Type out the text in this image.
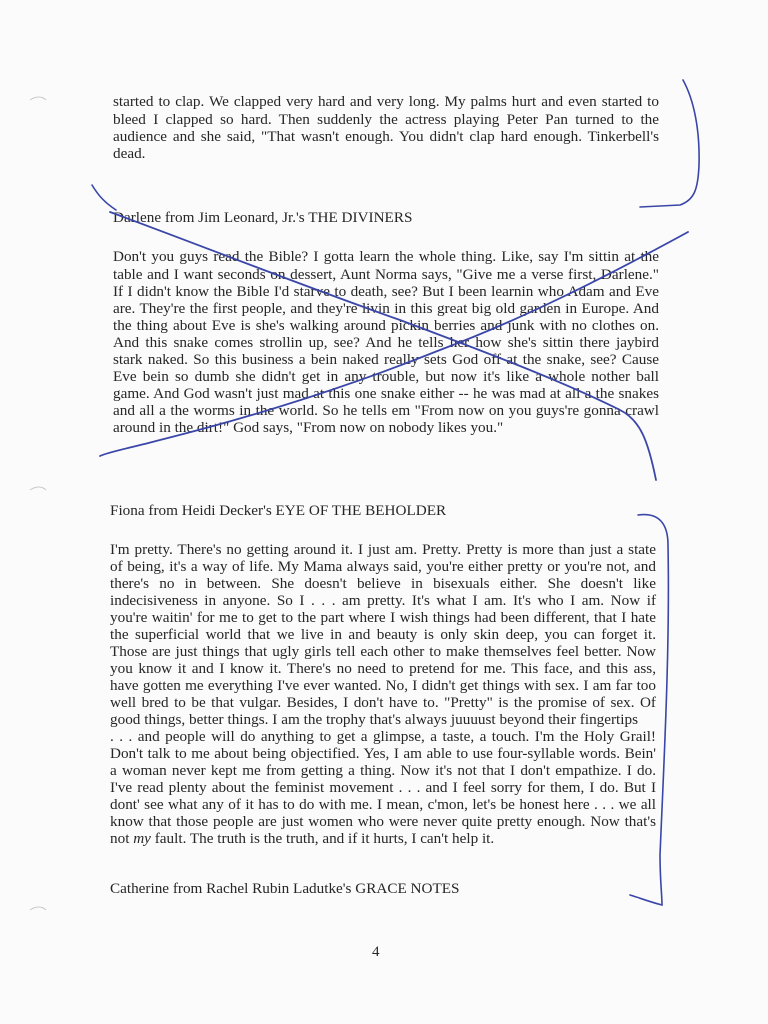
started to clap. We clapped very hard and very long. My palms hurt and even started to
bleed I clapped so hard. Then suddenly the actress playing Peter Pan turned to the
audience and she said, "That wasn't enough. You didn't clap hard enough. Tinkerbell's
dead.
Darlene from Jim Leonard, Jr.'s THE DIVINERS
Don't you guys read the Bible? I gotta learn the whole thing. Like, say I'm sittin at the
table and I want seconds on dessert, Aunt Norma says, "Give me a verse first, Darlene."
If I didn't know the Bible I'd starve to death, see? But I been learnin who Adam and Eve
are. They're the first people, and they're livin in this great big old garden in Europe. And
the thing about Eve is she's walking around pickin berries and junk with no clothes on.
And this snake comes strollin up, see? And he tells her how she's sittin there jaybird
stark naked. So this business a bein naked really sets God off at the snake, see? Cause
Eve bein so dumb she didn't get in any trouble, but now it's like a whole nother ball
game. And God wasn't just mad at this one snake either -- he was mad at all a the snakes
and all a the worms in the world. So he tells em "From now on you guys're gonna crawl
around in the dirt!" God says, "From now on nobody likes you."
Fiona from Heidi Decker's EYE OF THE BEHOLDER
I'm pretty. There's no getting around it. I just am. Pretty. Pretty is more than just a state
of being, it's a way of life. My Mama always said, you're either pretty or you're not, and
there's no in between. She doesn't believe in bisexuals either. She doesn't like
indecisiveness in anyone. So I . . . am pretty. It's what I am. It's who I am. Now if
you're waitin' for me to get to the part where I wish things had been different, that I hate
the superficial world that we live in and beauty is only skin deep, you can forget it.
Those are just things that ugly girls tell each other to make themselves feel better. Now
you know it and I know it. There's no need to pretend for me. This face, and this ass,
have gotten me everything I've ever wanted. No, I didn't get things with sex. I am far too
well bred to be that vulgar. Besides, I don't have to. "Pretty" is the promise of sex. Of
good things, better things. I am the trophy that's always juuuust beyond their fingertips
. . . and people will do anything to get a glimpse, a taste, a touch. I'm the Holy Grail!
Don't talk to me about being objectified. Yes, I am able to use four-syllable words. Bein'
a woman never kept me from getting a thing. Now it's not that I don't empathize. I do.
I've read plenty about the feminist movement . . . and I feel sorry for them, I do. But I
dont' see what any of it has to do with me. I mean, c'mon, let's be honest here . . . we all
know that those people are just women who were never quite pretty enough. Now that's
not my fault. The truth is the truth, and if it hurts, I can't help it.
Catherine from Rachel Rubin Ladutke's GRACE NOTES
4
